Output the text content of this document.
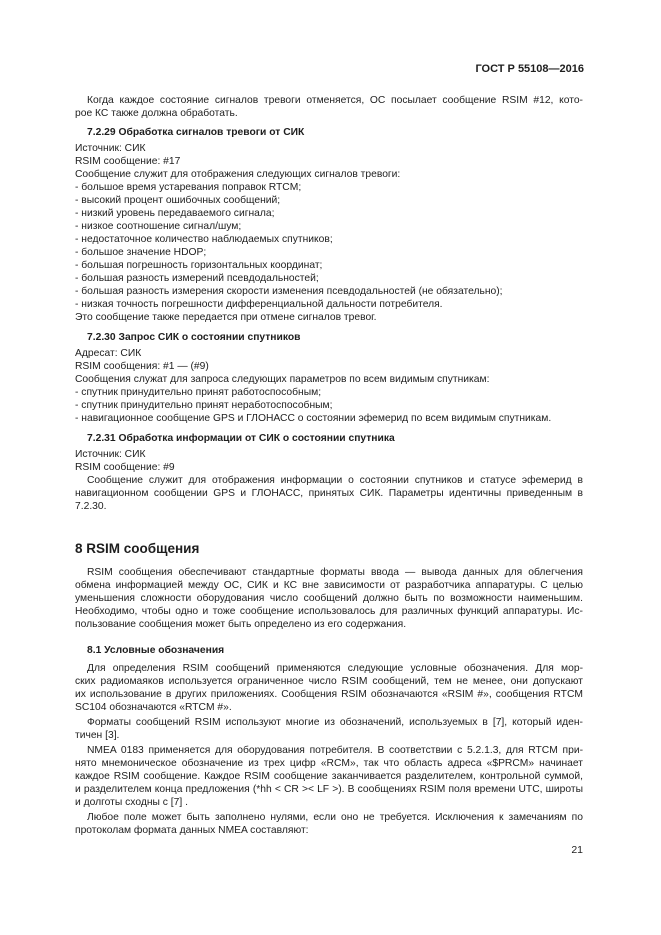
ГОСТ Р 55108—2016

Когда каждое состояние сигналов тревоги отменяется, ОС посылает сообщение RSIM #12, кото-

рое КС также должна обработать.

7.2.29 Обработка сигналов тревоги от СИК

Источник: СИК

RSIM сообщение: #17

Сообщение служит для отображения следующих сигналов тревоги:

- большое время устаревания поправок RTCM;

- высокий процент ошибочных сообщений;

- низкий уровень передаваемого сигнала;

- низкое соотношение сигнал/шум;

- недостаточное количество наблюдаемых спутников;

- большое значение HDOP;

- большая погрешность горизонтальных координат;

- большая разность измерений псевдодальностей;

- большая разность измерения скорости изменения псевдодальностей (не обязательно);

- низкая точность погрешности дифференциальной дальности потребителя.

Это сообщение также передается при отмене сигналов тревог.

7.2.30 Запрос СИК о состоянии спутников

Адресат: СИК

RSIM сообщения: #1 — (#9)

Сообщения служат для запроса следующих параметров по всем видимым спутникам:

- спутник принудительно принят работоспособным;

- спутник принудительно принят неработоспособным;

- навигационное сообщение GPS и ГЛОНАСС о состоянии эфемерид по всем видимым спутникам.

7.2.31 Обработка информации от СИК о состоянии спутника

Источник: СИК

RSIM сообщение: #9

Сообщение служит для отображения информации о состоянии спутников и статусе эфемерид в

навигационном сообщении GPS и ГЛОНАСС, принятых СИК. Параметры идентичны приведенным в

7.2.30.

8 RSIM сообщения

RSIM сообщения обеспечивают стандартные форматы ввода — вывода данных для облегчения

обмена информацией между ОС, СИК и КС вне зависимости от разработчика аппаратуры. С целью

уменьшения сложности оборудования число сообщений должно быть по возможности наименьшим.

Необходимо, чтобы одно и тоже сообщение использовалось для различных функций аппаратуры. Ис-

пользование сообщения может быть определено из его содержания.

8.1 Условные обозначения

Для определения RSIM сообщений применяются следующие условные обозначения. Для мор-

ских радиомаяков используется ограниченное число RSIM сообщений, тем не менее, они допускают

их использование в других приложениях. Сообщения RSIM обозначаются «RSIM #», сообщения RTCM

SC104 обозначаются «RTCM #».

Форматы сообщений RSIM используют многие из обозначений, используемых в [7], который иден-

тичен [3].

NMEA 0183 применяется для оборудования потребителя. В соответствии с 5.2.1.3, для RTCM при-

нято мнемоническое обозначение из трех цифр «RCM», так что область адреса «$PRCM» начинает

каждое RSIM сообщение. Каждое RSIM сообщение заканчивается разделителем, контрольной суммой,

и разделителем конца предложения (*hh < CR >< LF >). В сообщениях RSIM поля времени UTC, широты

и долготы сходны с [7] .

Любое поле может быть заполнено нулями, если оно не требуется. Исключения к замечаниям по

протоколам формата данных NMEA составляют:

21
